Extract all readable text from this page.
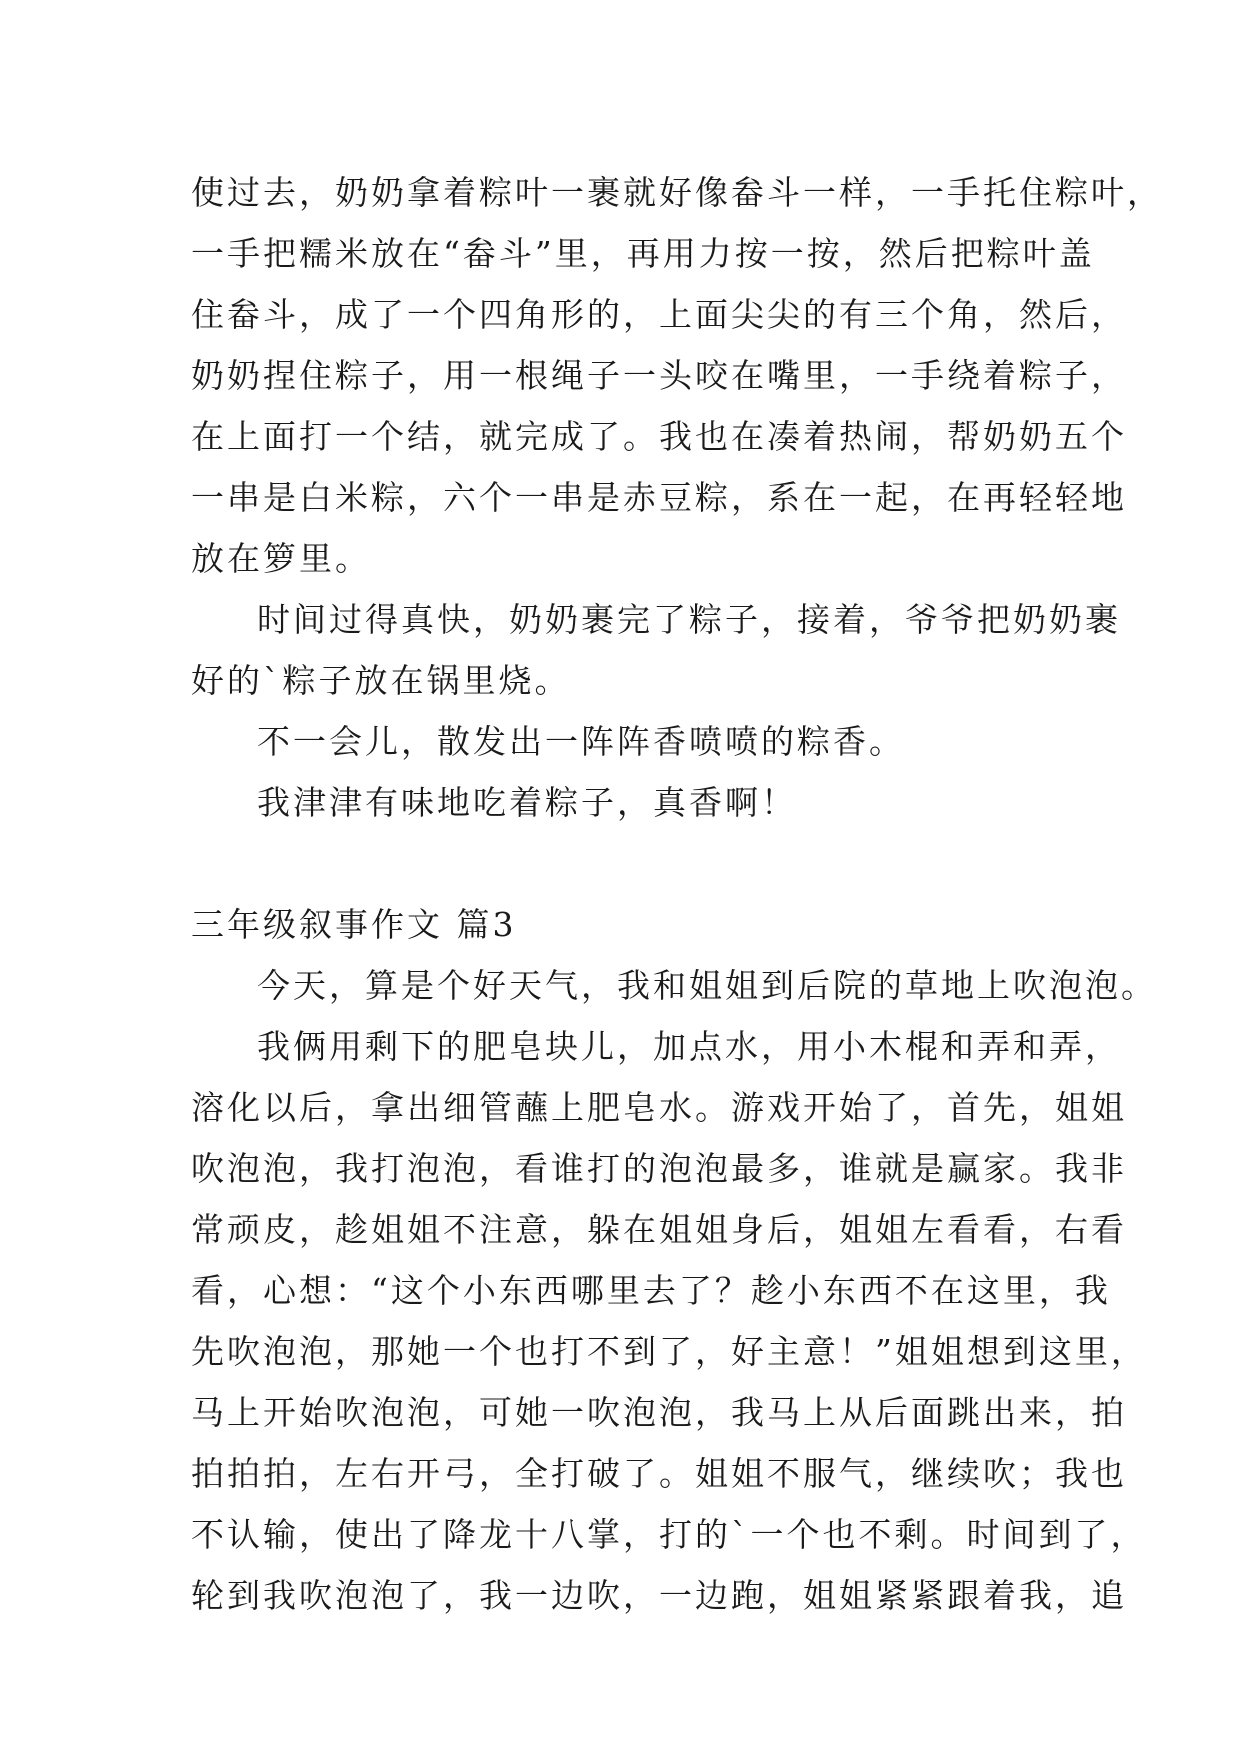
使过去，奶奶拿着粽叶一裹就好像畚斗一样，一手托住粽叶，
一手把糯米放在“畚斗”里，再用力按一按，然后把粽叶盖
住畚斗，成了一个四角形的，上面尖尖的有三个角，然后，
奶奶捏住粽子，用一根绳子一头咬在嘴里，一手绕着粽子，
在上面打一个结，就完成了。我也在凑着热闹，帮奶奶五个
一串是白米粽，六个一串是赤豆粽，系在一起，在再轻轻地
放在箩里。
时间过得真快，奶奶裹完了粽子，接着，爷爷把奶奶裹
好的`粽子放在锅里烧。
不一会儿，散发出一阵阵香喷喷的粽香。
我津津有味地吃着粽子，真香啊！
三年级叙事作文 篇3
今天，算是个好天气，我和姐姐到后院的草地上吹泡泡。
我俩用剩下的肥皂块儿，加点水，用小木棍和弄和弄，
溶化以后，拿出细管蘸上肥皂水。游戏开始了，首先，姐姐
吹泡泡，我打泡泡，看谁打的泡泡最多，谁就是赢家。我非
常顽皮，趁姐姐不注意，躲在姐姐身后，姐姐左看看，右看
看，心想：“这个小东西哪里去了？趁小东西不在这里，我
先吹泡泡，那她一个也打不到了，好主意！”姐姐想到这里，
马上开始吹泡泡，可她一吹泡泡，我马上从后面跳出来，拍
拍拍拍，左右开弓，全打破了。姐姐不服气，继续吹；我也
不认输，使出了降龙十八掌，打的`一个也不剩。时间到了，
轮到我吹泡泡了，我一边吹，一边跑，姐姐紧紧跟着我，追
